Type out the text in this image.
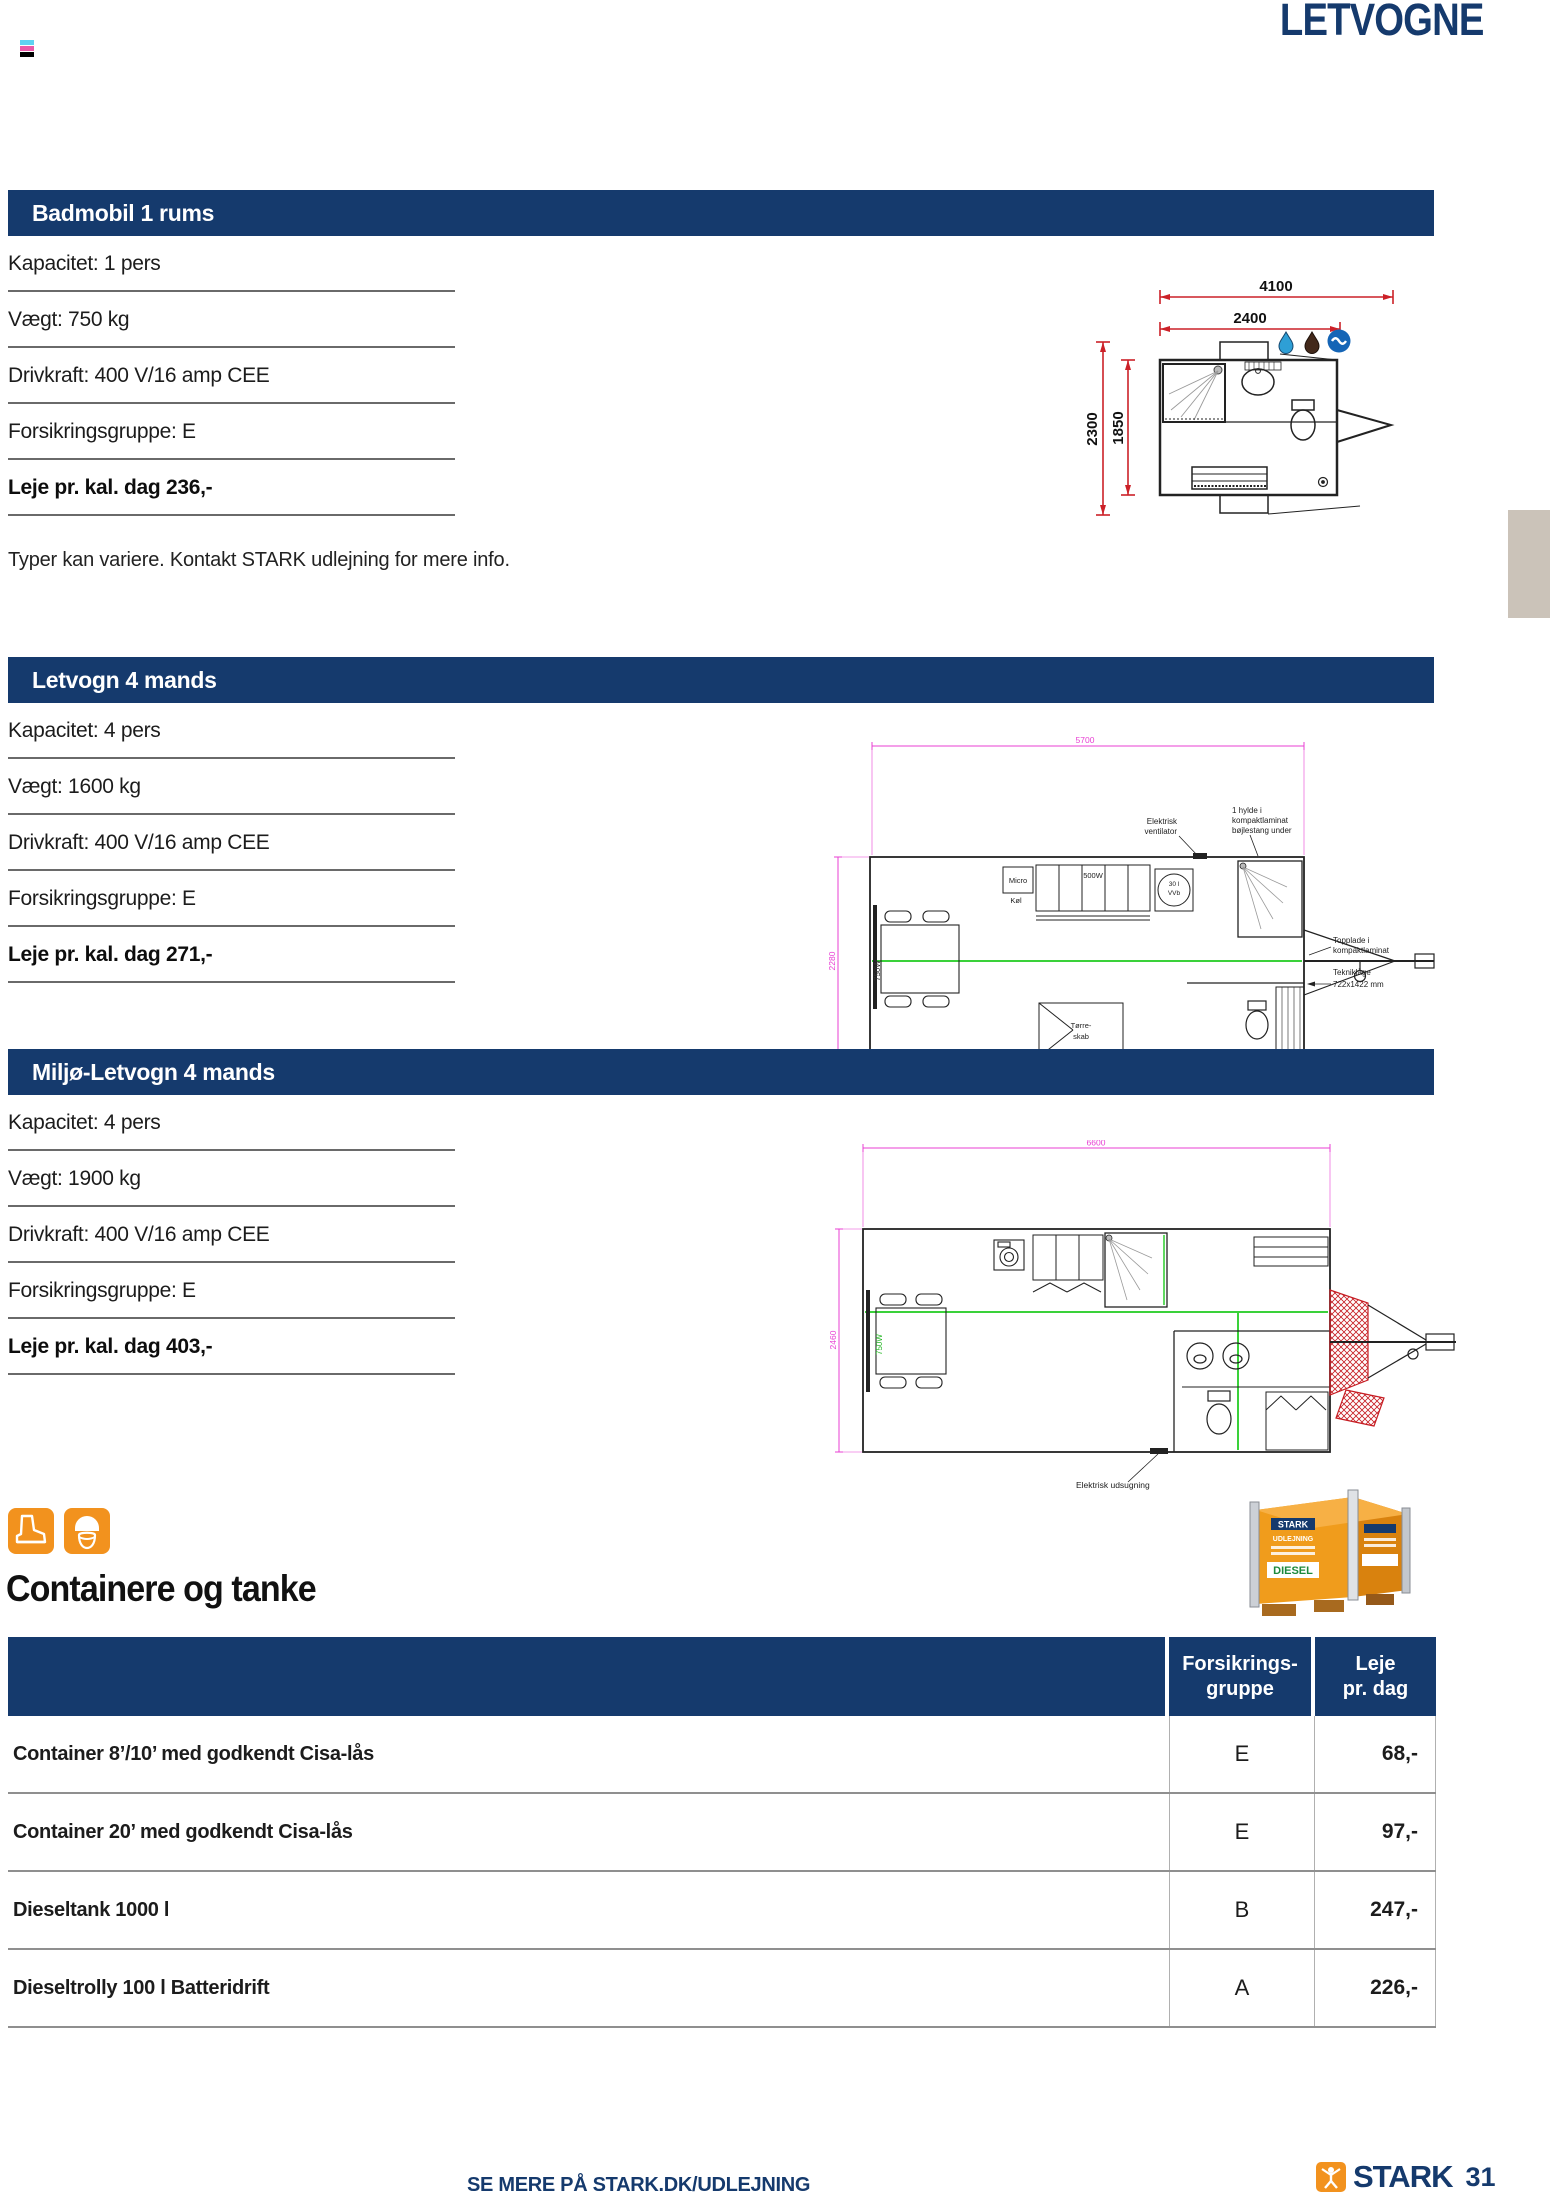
LETVOGNE
Badmobil 1 rums
Kapacitet: 1 pers
Vægt: 750 kg
Drivkraft: 400 V/16 amp CEE
Forsikringsgruppe: E
Leje pr. kal. dag 236,-

Typer kan variere. Kontakt STARK udlejning for mere info.

4100
2400
2300 1850
Letvogn 4 mands
Kapacitet: 4 pers
Vægt: 1600 kg
Drivkraft: 400 V/16 amp CEE
Forsikringsgruppe: E
Leje pr. kal. dag 271,-
5700
2280	750W
Micro
Køl
500W
30 l
VVb
Elektrisk
ventilator
1 hylde i
kompaktlaminat
bøjlestang under
Tørre-
skab
Topplade i
kompaktlaminat
Tekniklåge
722x1422 mm
Miljø-Letvogn 4 mands
Kapacitet: 4 pers
Vægt: 1900 kg
Drivkraft: 400 V/16 amp CEE
Forsikringsgruppe: E
Leje pr. kal. dag 403,-
6600
2460	750W
Elektrisk udsugning
Containere og tanke
STARK
UDLEJNING
DIESEL
Forsikrings-
gruppe
Leje
pr. dag
Container 8’/10’ med godkendt Cisa-lås	E	68,-
Container 20’ med godkendt Cisa-lås	E	97,-
Dieseltank 1000 l	B	247,-
Dieseltrolly 100 l Batteridrift	A	226,-
SE MERE PÅ STARK.DK/UDLEJNING	STARK 31
